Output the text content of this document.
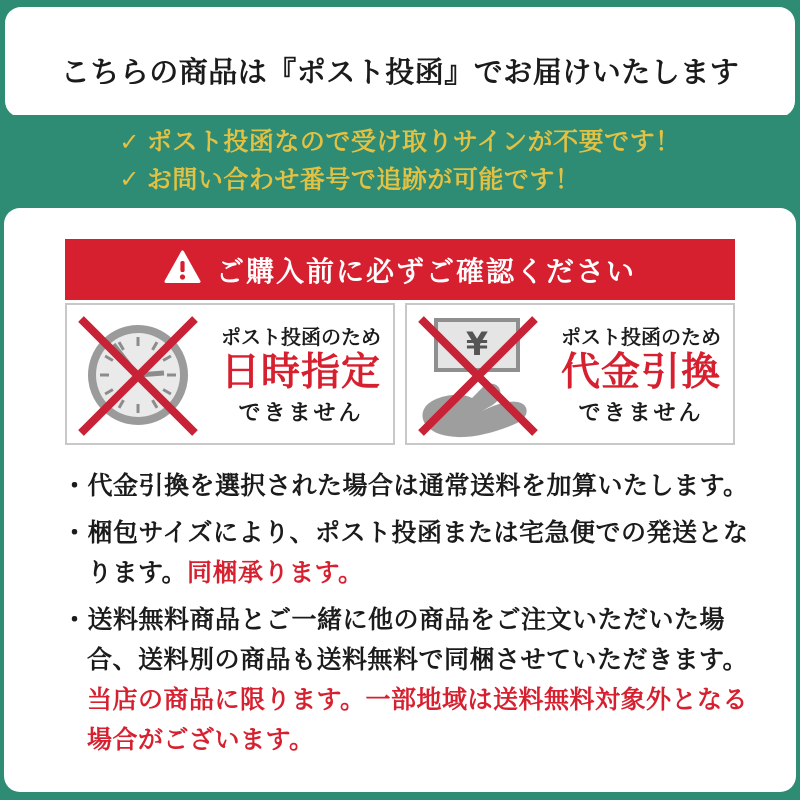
こちらの商品は『ポスト投函』でお届けいたします
✓ ポスト投函なので受け取りサインが不要です！
✓ お問い合わせ番号で追跡が可能です！
ご購入前に必ずご確認ください
ポスト投函のため
日時指定
できません
¥	ポスト投函のため
代金引換
できません
・代金引換を選択された場合は通常送料を加算いたします。
・梱包サイズにより、ポスト投函または宅急便での発送となります。同梱承ります。
・送料無料商品とご一緒に他の商品をご注文いただいた場合、送料別の商品も送料無料で同梱させていただきます。当店の商品に限ります。一部地域は送料無料対象外となる場合がございます。
